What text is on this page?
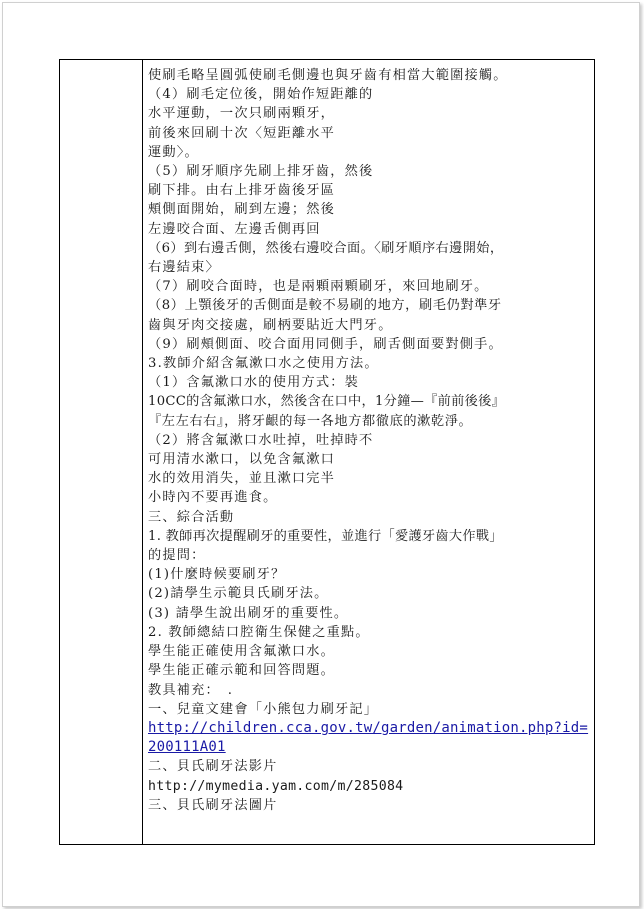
使刷毛略呈圓弧使刷毛側邊也與牙齒有相當大範圍接觸。
（4）刷毛定位後，開始作短距離的
水平運動，一次只刷兩顆牙，
前後來回刷十次〈短距離水平
運動〉。
（5）刷牙順序先刷上排牙齒，然後
刷下排。由右上排牙齒後牙區
頰側面開始，刷到左邊；然後
左邊咬合面、左邊舌側再回
（6）到右邊舌側，然後右邊咬合面。〈刷牙順序右邊開始，
右邊結束〉
（7）刷咬合面時，也是兩顆兩顆刷牙，來回地刷牙。
（8）上顎後牙的舌側面是較不易刷的地方，刷毛仍對準牙
齒與牙肉交接處，刷柄要貼近大門牙。
（9）刷頰側面、咬合面用同側手，刷舌側面要對側手。
3.教師介紹含氟漱口水之使用方法。
（1）含氟漱口水的使用方式：裝
10CC的含氟漱口水，然後含在口中，1分鐘—『前前後後』
『左左右右』，將牙齦的每一各地方都徹底的漱乾淨。
（2）將含氟漱口水吐掉，吐掉時不
可用清水漱口，以免含氟漱口
水的效用消失，並且漱口完半
小時內不要再進食。
三、綜合活動
1. 教師再次提醒刷牙的重要性，並進行「愛護牙齒大作戰」
的提問：
(1)什麼時候要刷牙？
(2)請學生示範貝氏刷牙法。
(3) 請學生說出刷牙的重要性。
2. 教師總結口腔衛生保健之重點。
學生能正確使用含氟漱口水。
學生能正確示範和回答問題。
教具補充：　.
一、兒童文建會「小熊包力刷牙記」
http://children.cca.gov.tw/garden/animation.php?id=
200111A01
二、貝氏刷牙法影片
http://mymedia.yam.com/m/285084
三、貝氏刷牙法圖片
